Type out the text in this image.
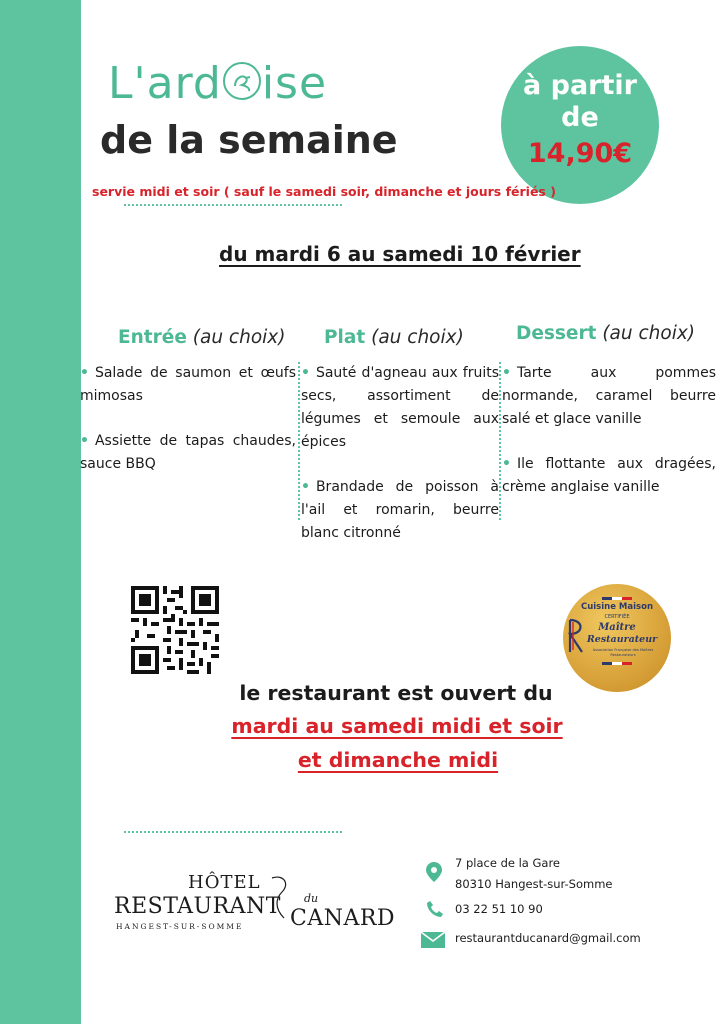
L'ard ise
de la semaine
à partir
de
14,90€
servie midi et soir ( sauf le samedi soir, dimanche et jours fériés )
du mardi 6 au samedi 10 février
Entrée (au choix) Plat (au choix)	Dessert (au choix)
• Salade de saumon et œufs mimosas
• Assiette de tapas chaudes, sauce BBQ
• Sauté d'agneau aux fruits secs, assortiment de légumes et semoule aux épices
• Brandade de poisson à l'ail et romarin, beurre blanc citronné
• Tarte aux pommes normande, caramel beurre salé et glace vanille
• Ile flottante aux dragées, crème anglaise vanille
Cuisine Maison
CERTIFIÉE
Maître
Restaurateur
Association Française des Maîtres Restaurateurs
le restaurant est ouvert du
mardi au samedi midi et soir
et dimanche midi
HÔTEL
RESTAURANT du
CANARD
HANGEST-SUR-SOMME
7 place de la Gare
80310 Hangest-sur-Somme
03 22 51 10 90
restaurantducanard@gmail.com
